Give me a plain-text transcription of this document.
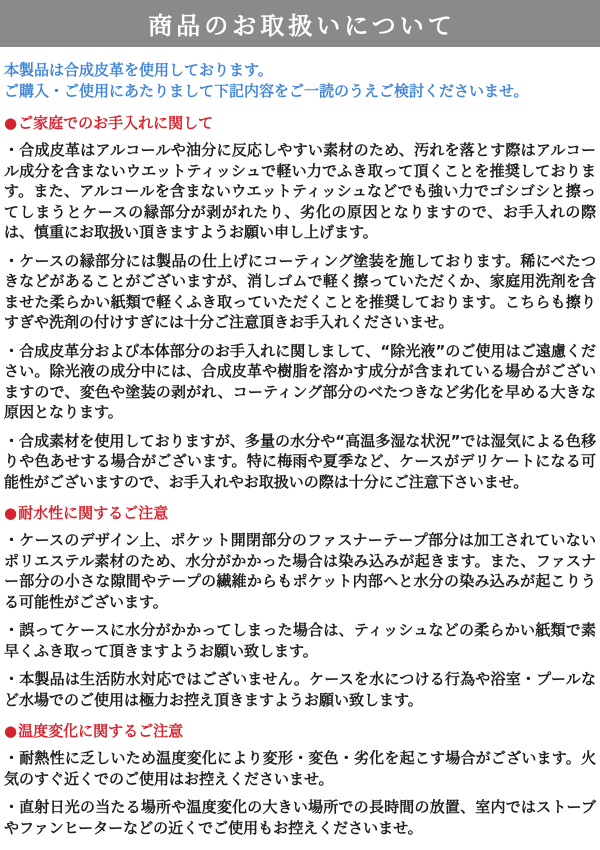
商品のお取扱いについて
本製品は合成皮革を使用しております。
ご購入・ご使用にあたりまして下記内容をご一読のうえご検討くださいませ。
● ご家庭でのお手入れに関して

・合成皮革はアルコールや油分に反応しやすい素材のため、汚れを落とす際はアルコール成分を含まないウエットティッシュで軽い力でふき取って頂くことを推奨しております。また、アルコールを含まないウエットティッシュなどでも強い力でゴシゴシと擦ってしまうとケースの縁部分が剥がれたり、劣化の原因となりますので、お手入れの際は、慎重にお取扱い頂きますようお願い申し上げます。

・ケースの縁部分には製品の仕上げにコーティング塗装を施しております。稀にべたつきなどがあることがございますが、消しゴムで軽く擦っていただくか、家庭用洗剤を含ませた柔らかい紙類で軽くふき取っていただくことを推奨しております。こちらも擦りすぎや洗剤の付けすぎには十分ご注意頂きお手入れくださいませ。

・合成皮革分および本体部分のお手入れに関しまして、“除光液”のご使用はご遠慮ください。除光液の成分中には、合成皮革や樹脂を溶かす成分が含まれている場合がございますので、変色や塗装の剥がれ、コーティング部分のべたつきなど劣化を早める大きな原因となります。

・合成素材を使用しておりますが、多量の水分や“高温多湿な状況”では湿気による色移りや色あせする場合がございます。特に梅雨や夏季など、ケースがデリケートになる可能性がございますので、お手入れやお取扱いの際は十分にご注意下さいませ。

● 耐水性に関するご注意

・ケースのデザイン上、ポケット開閉部分のファスナーテープ部分は加工されていないポリエステル素材のため、水分がかかった場合は染み込みが起きます。また、ファスナー部分の小さな隙間やテープの繊維からもポケット内部へと水分の染み込みが起こりうる可能性がございます。

・誤ってケースに水分がかかってしまった場合は、ティッシュなどの柔らかい紙類で素早くふき取って頂きますようお願い致します。

・本製品は生活防水対応ではございません。ケースを水につける行為や浴室・プールなど水場でのご使用は極力お控え頂きますようお願い致します。

● 温度変化に関するご注意

・耐熱性に乏しいため温度変化により変形・変色・劣化を起こす場合がございます。火気のすぐ近くでのご使用はお控えくださいませ。

・直射日光の当たる場所や温度変化の大きい場所での長時間の放置、室内ではストーブやファンヒーターなどの近くでご使用もお控えくださいませ。
